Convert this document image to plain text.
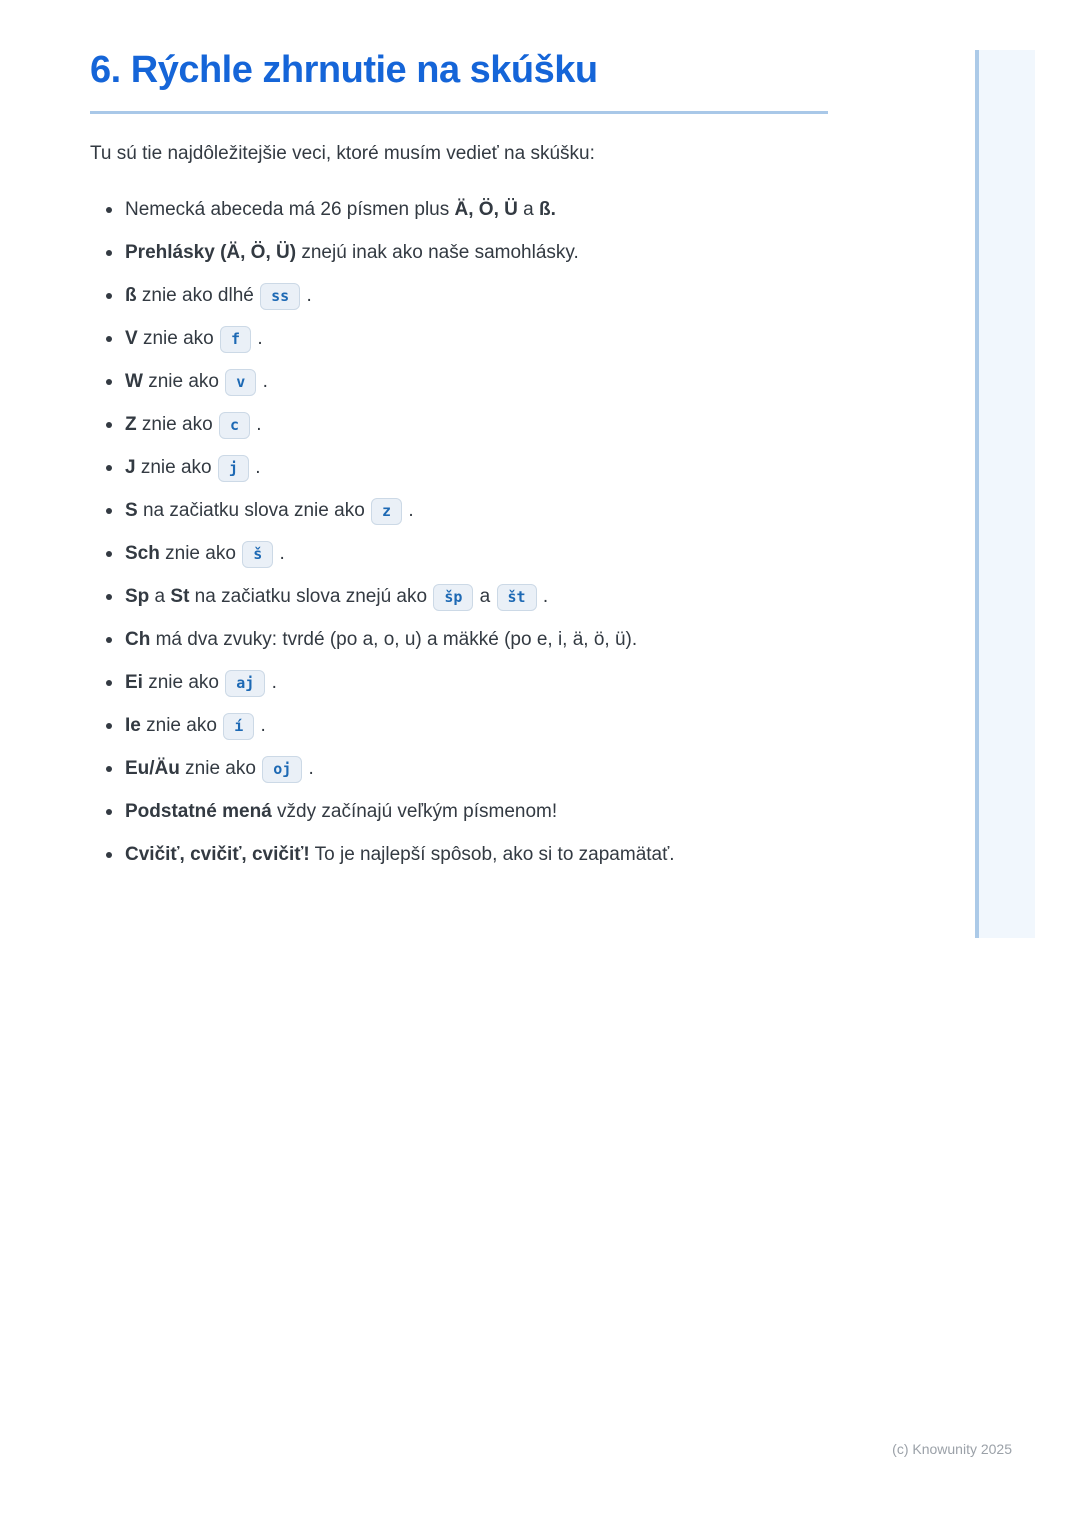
6. Rýchle zhrnutie na skúšku

Tu sú tie najdôležitejšie veci, ktoré musím vedieť na skúšku:

Nemecká abeceda má 26 písmen plus Ä, Ö, Ü a ß.
Prehlásky (Ä, Ö, Ü) znejú inak ako naše samohlásky.
ß znie ako dlhé ss .
V znie ako f .
W znie ako v .
Z znie ako c .
J znie ako j .
S na začiatku slova znie ako z .
Sch znie ako š .
Sp a St na začiatku slova znejú ako šp a št .
Ch má dva zvuky: tvrdé (po a, o, u) a mäkké (po e, i, ä, ö, ü).
Ei znie ako aj .
Ie znie ako í .
Eu/Äu znie ako oj .
Podstatné mená vždy začínajú veľkým písmenom!
Cvičiť, cvičiť, cvičiť! To je najlepší spôsob, ako si to zapamätať.
(c) Knowunity 2025
